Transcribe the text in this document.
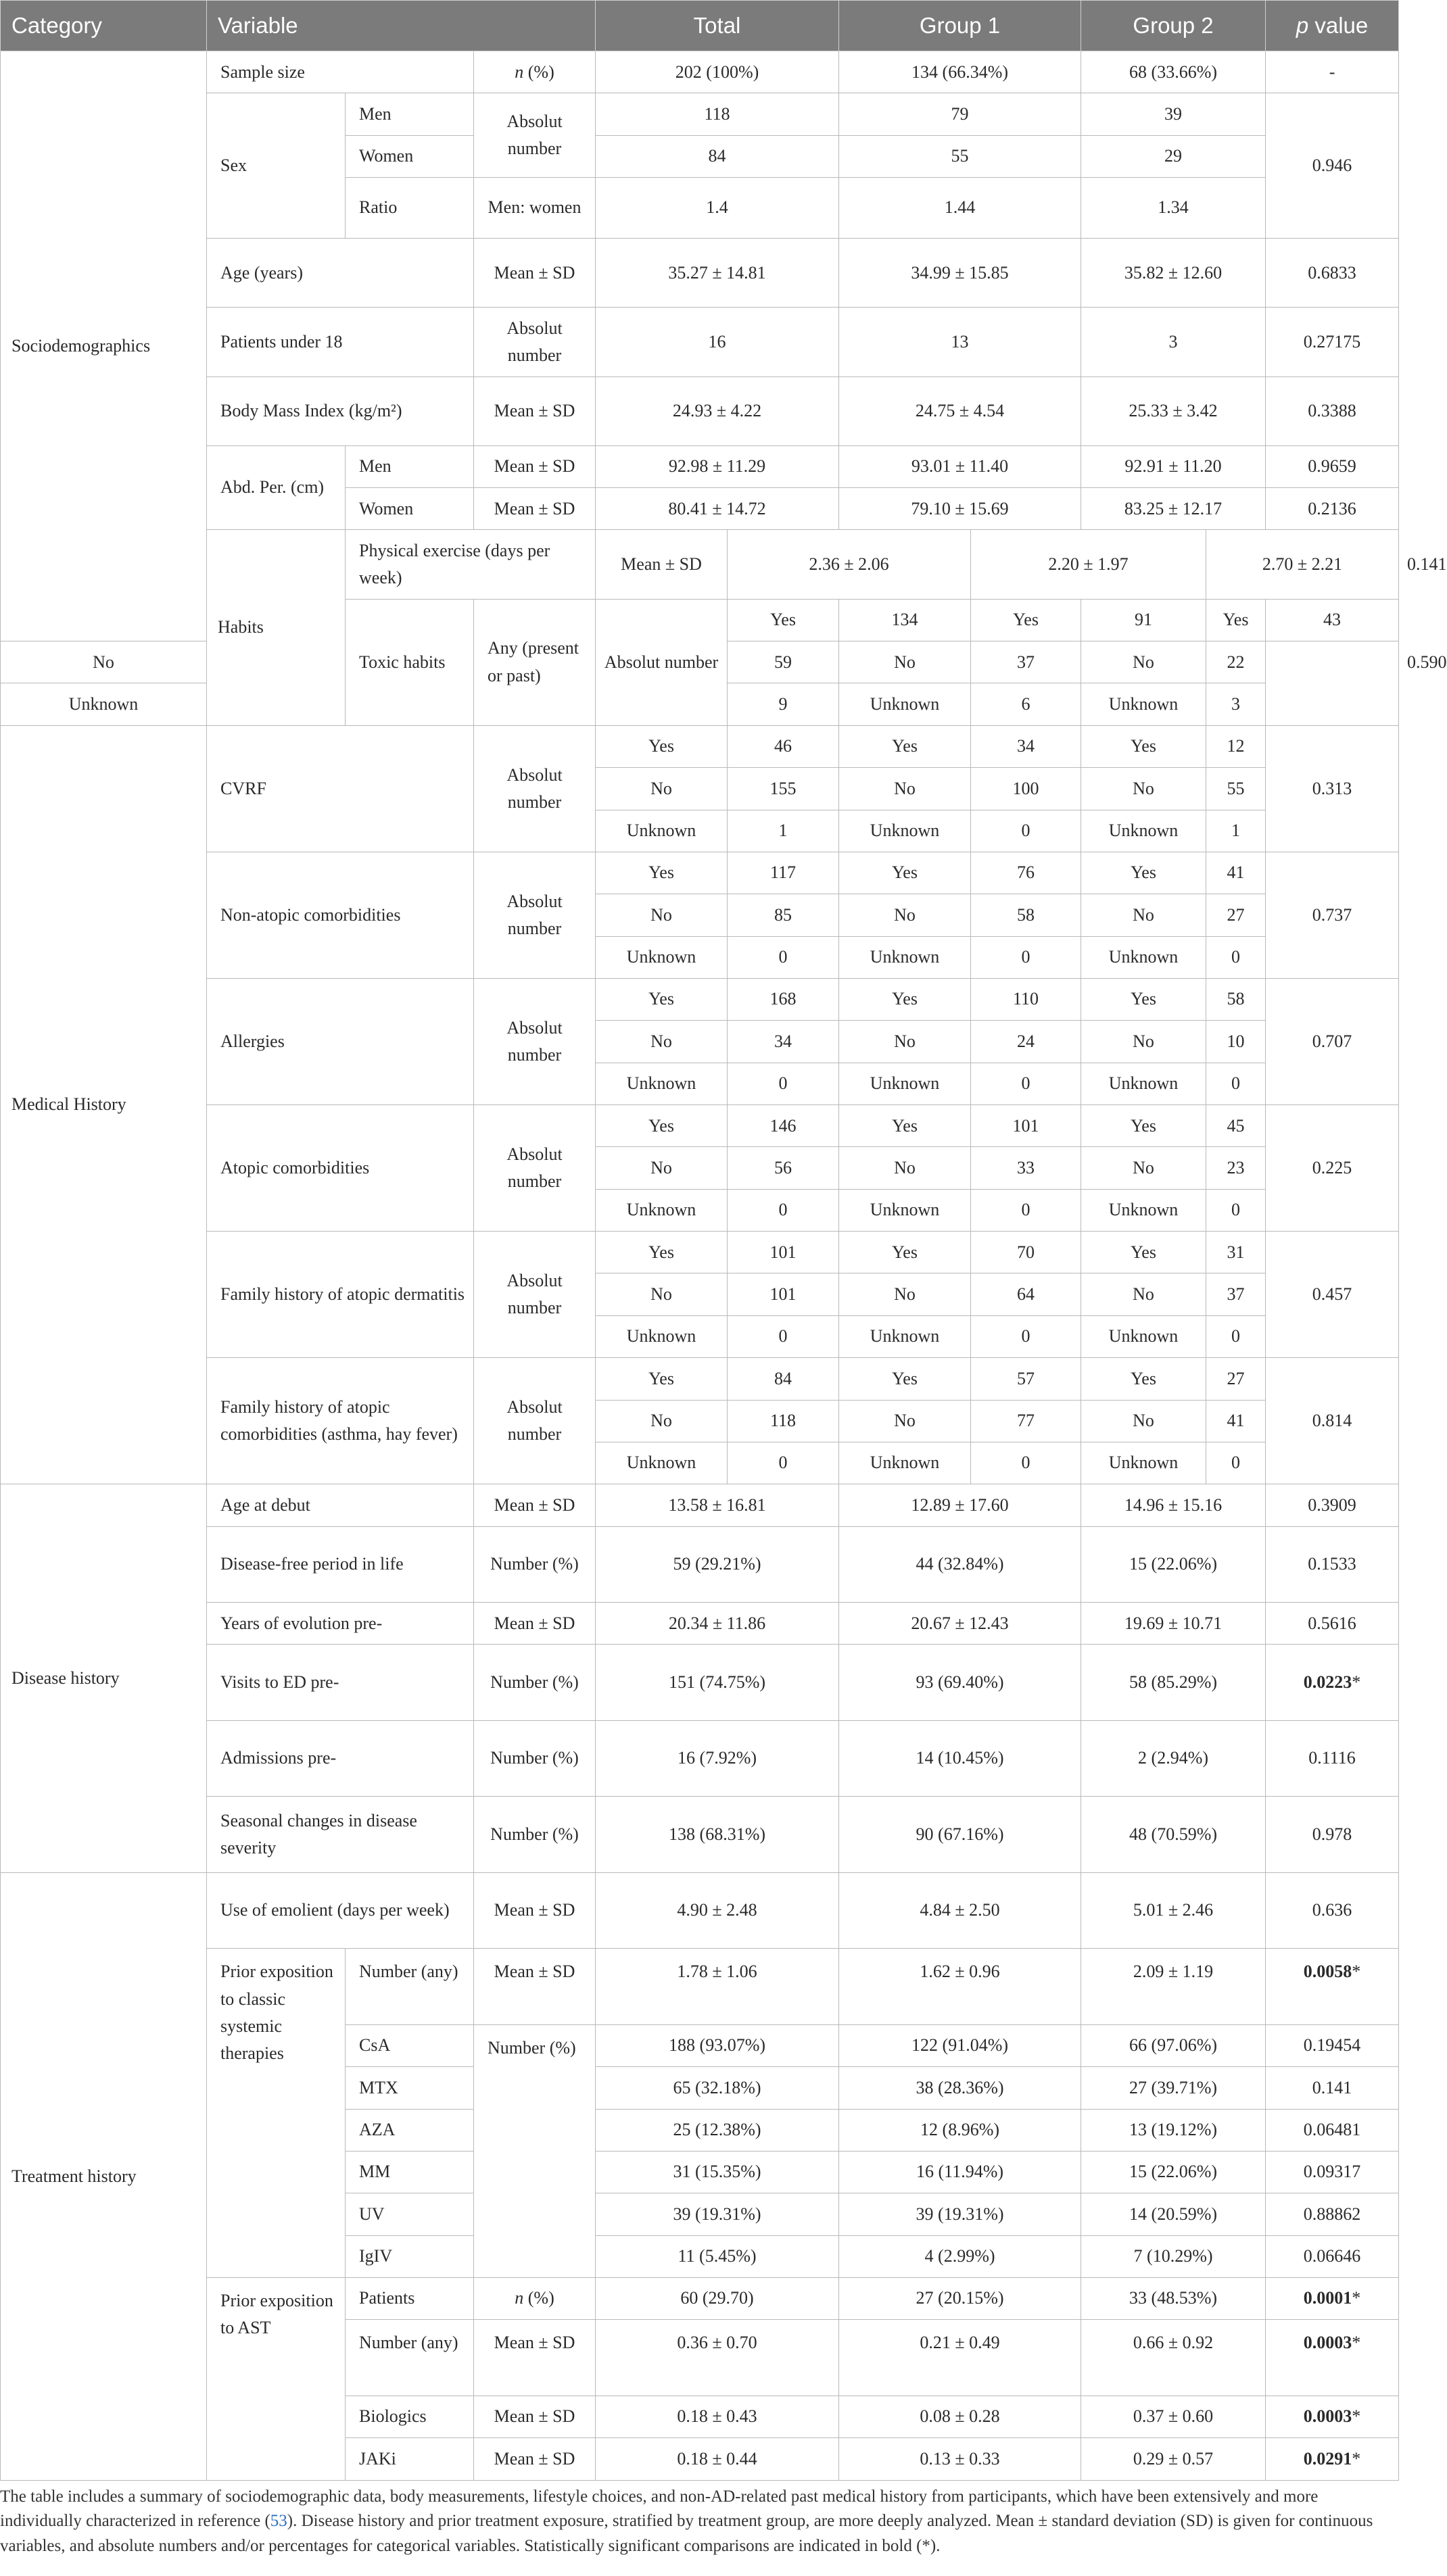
Category	Variable			Total		Group 1		Group 2		p value	
Sociodemographics	Sample size		n (%)	202 (100%)		134 (66.34%)		68 (33.66%)		-	
	Sex	Men	Absolut number	118		79		39		0.946	
		Women		84		55		29			
		Ratio	Men: women	1.4		1.44		1.34			
	Age (years)		Mean ± SD	35.27 ± 14.81		34.99 ± 15.85		35.82 ± 12.60		0.6833	
	Patients under 18		Absolut number	16		13		3		0.27175	
	Body Mass Index (kg/m²)		Mean ± SD	24.93 ± 4.22		24.75 ± 4.54		25.33 ± 3.42		0.3388	
	Abd. Per. (cm)	Men	Mean ± SD	92.98 ± 11.29		93.01 ± 11.40		92.91 ± 11.20		0.9659	
		Women	Mean ± SD	80.41 ± 14.72		79.10 ± 15.69		83.25 ± 12.17		0.2136	
	Habits	Physical exercise (days per week)		Mean ± SD	2.36 ± 2.06		2.20 ± 1.97		2.70 ± 2.21		0.141
		Toxic habits	Any (present or past)	Absolut number	Yes	134	Yes	91	Yes	43	0.590
No					59	No	37	No	22		
Unknown					9	Unknown	6	Unknown	3		
Medical History	CVRF		Absolut number	Yes	46	Yes	34	Yes	12	0.313	
				No	155	No	100	No	55		
				Unknown	1	Unknown	0	Unknown	1		
	Non-atopic comorbidities		Absolut number	Yes	117	Yes	76	Yes	41	0.737	
				No	85	No	58	No	27		
				Unknown	0	Unknown	0	Unknown	0		
	Allergies		Absolut number	Yes	168	Yes	110	Yes	58	0.707	
				No	34	No	24	No	10		
				Unknown	0	Unknown	0	Unknown	0		
	Atopic comorbidities		Absolut number	Yes	146	Yes	101	Yes	45	0.225	
				No	56	No	33	No	23		
				Unknown	0	Unknown	0	Unknown	0		
	Family history of atopic dermatitis		Absolut number	Yes	101	Yes	70	Yes	31	0.457	
				No	101	No	64	No	37		
				Unknown	0	Unknown	0	Unknown	0		
	Family history of atopic comorbidities (asthma, hay fever)		Absolut number	Yes	84	Yes	57	Yes	27	0.814	
				No	118	No	77	No	41		
				Unknown	0	Unknown	0	Unknown	0		
Disease history	Age at debut		Mean ± SD	13.58 ± 16.81		12.89 ± 17.60		14.96 ± 15.16		0.3909	
	Disease-free period in life		Number (%)	59 (29.21%)		44 (32.84%)		15 (22.06%)		0.1533	
	Years of evolution pre-		Mean ± SD	20.34 ± 11.86		20.67 ± 12.43		19.69 ± 10.71		0.5616	
	Visits to ED pre-		Number (%)	151 (74.75%)		93 (69.40%)		58 (85.29%)		0.0223*	
	Admissions pre-		Number (%)	16 (7.92%)		14 (10.45%)		2 (2.94%)		0.1116	
	Seasonal changes in disease severity		Number (%)	138 (68.31%)		90 (67.16%)		48 (70.59%)		0.978	
Treatment history	Use of emolient (days per week)		Mean ± SD	4.90 ± 2.48		4.84 ± 2.50		5.01 ± 2.46		0.636	
	Prior exposition to classic systemic therapies	Number (any)	Mean ± SD	1.78 ± 1.06		1.62 ± 0.96		2.09 ± 1.19		0.0058*	
		CsA	Number (%)	188 (93.07%)		122 (91.04%)		66 (97.06%)		0.19454	
		MTX		65 (32.18%)		38 (28.36%)		27 (39.71%)		0.141	
		AZA		25 (12.38%)		12 (8.96%)		13 (19.12%)		0.06481	
		MM		31 (15.35%)		16 (11.94%)		15 (22.06%)		0.09317	
		UV		39 (19.31%)		39 (19.31%)		14 (20.59%)		0.88862	
		IgIV		11 (5.45%)		4 (2.99%)		7 (10.29%)		0.06646	
	Prior exposition to AST	Patients	n (%)	60 (29.70)		27 (20.15%)		33 (48.53%)		0.0001*	
		Number (any)	Mean ± SD	0.36 ± 0.70		0.21 ± 0.49		0.66 ± 0.92		0.0003*	
		Biologics	Mean ± SD	0.18 ± 0.43		0.08 ± 0.28		0.37 ± 0.60		0.0003*	
		JAKi	Mean ± SD	0.18 ± 0.44		0.13 ± 0.33		0.29 ± 0.57		0.0291*	
The table includes a summary of sociodemographic data, body measurements, lifestyle choices, and non-AD-related past medical history from participants, which have been extensively and more individually characterized in reference (53). Disease history and prior treatment exposure, stratified by treatment group, are more deeply analyzed. Mean ± standard deviation (SD) is given for continuous variables, and absolute numbers and/or percentages for categorical variables. Statistically significant comparisons are indicated in bold (*).
